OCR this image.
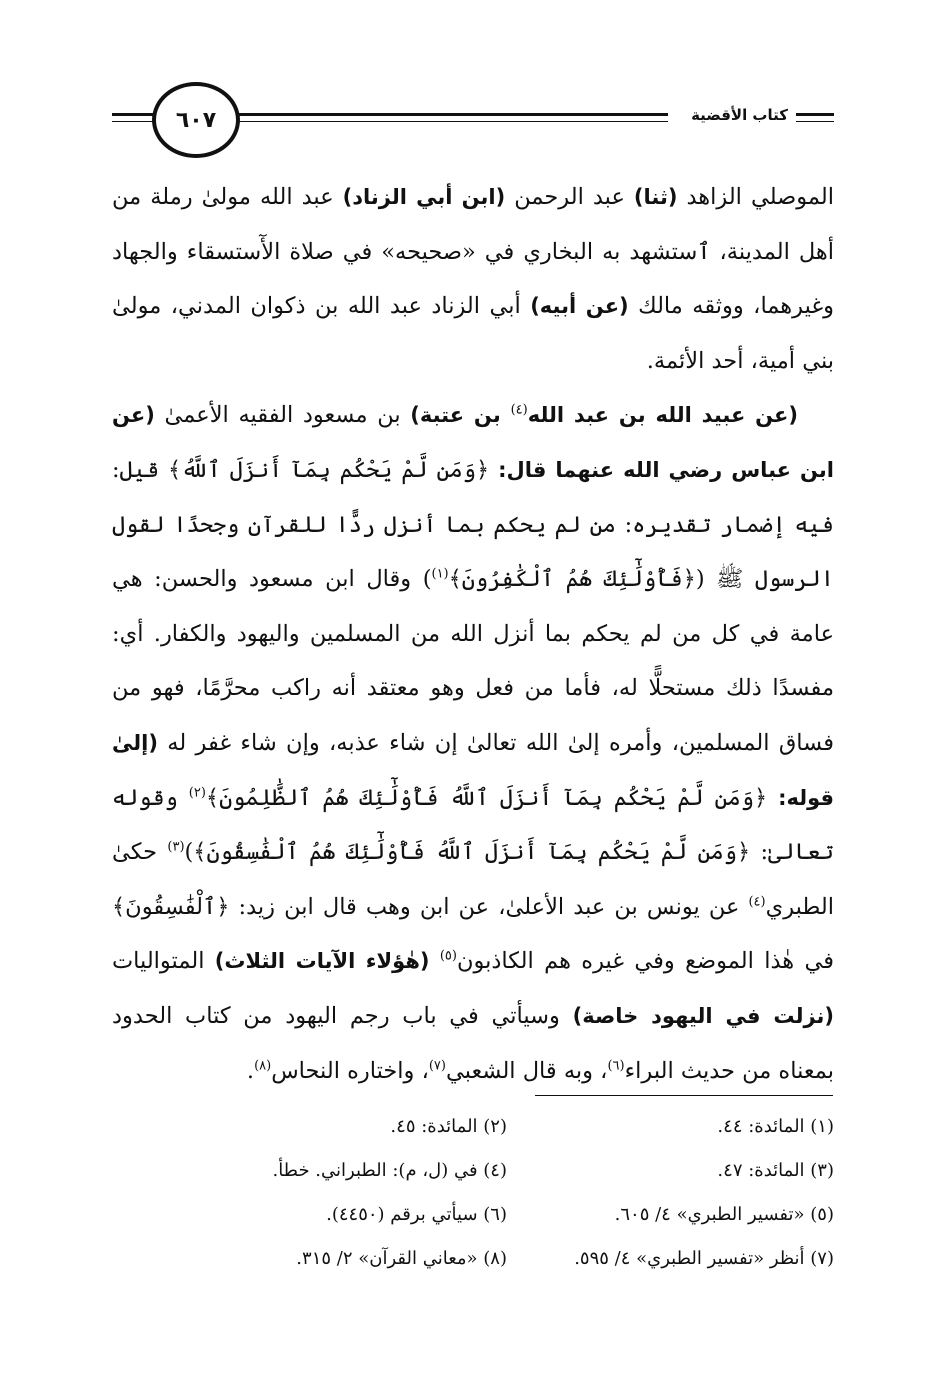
٦٠٧	كتاب الأقضية

الموصلي الزاهد (ثنا) عبد الرحمن (ابن أبي الزناد) عبد الله مولىٰ رملة من أهل المدينة، ٱستشهد به البخاري في «صحيحه» في صلاة الأٓستسقاء والجهاد وغيرهما، ووثقه مالك (عن أبيه) أبي الزناد عبد الله بن ذكوان المدني، مولىٰ بني أمية، أحد الأئمة.

(عن عبيد الله بن عبد الله$^{(٤)}$ بن عتبة) بن مسعود الفقيه الأعمىٰ (عن ابن عباس رضي الله عنهما قال: ﴿وَمَن لَّمْ يَحْكُم بِمَآ أَنزَلَ ٱللَّهُ﴾ قيل: فيه إضمار تقديره: من لم يحكم بما أنزل ردًّا للقرآن وجحدًا لقول الرسول ﷺ (﴿فَأُوْلَٰٓئِكَ هُمُ ٱلْكَٰفِرُونَ﴾$^{(١)}$) وقال ابن مسعود والحسن: هي عامة في كل من لم يحكم بما أنزل الله من المسلمين واليهود والكفار. أي: مفسدًا ذلك مستحلًّا له، فأما من فعل وهو معتقد أنه راكب محرَّمًا، فهو من فساق المسلمين، وأمره إلىٰ الله تعالىٰ إن شاء عذبه، وإن شاء غفر له (إلىٰ قوله: ﴿وَمَن لَّمْ يَحْكُم بِمَآ أَنزَلَ ٱللَّهُ فَأُوْلَٰٓئِكَ هُمُ ٱلظَّٰلِمُونَ﴾$^{(٢)}$ وقوله تعالىٰ: ﴿وَمَن لَّمْ يَحْكُم بِمَآ أَنزَلَ ٱللَّهُ فَأُوْلَٰٓئِكَ هُمُ ٱلْفَٰسِقُونَ﴾)$^{(٣)}$ حكىٰ الطبري$^{(٤)}$ عن يونس بن عبد الأعلىٰ، عن ابن وهب قال ابن زيد: ﴿ٱلْفَٰسِقُونَ﴾ في هٰذا الموضع وفي غيره هم الكاذبون$^{(٥)}$ (هٰؤلاء الآيات الثلاث) المتواليات (نزلت في اليهود خاصة) وسيأتي في باب رجم اليهود من كتاب الحدود بمعناه من حديث البراء$^{(٦)}$، وبه قال الشعبي$^{(٧)}$، واختاره النحاس$^{(٨)}$.

(١) المائدة: ٤٤.
(٢) المائدة: ٤٥.
(٣) المائدة: ٤٧.
(٤) في (ل، م): الطبراني. خطأ.
(٥) «تفسير الطبري» ٤/ ٦٠٥.
(٦) سيأتي برقم (٤٤٥٠).
(٧) أنظر «تفسير الطبري» ٤/ ٥٩٥.
(٨) «معاني القرآن» ٢/ ٣١٥.
